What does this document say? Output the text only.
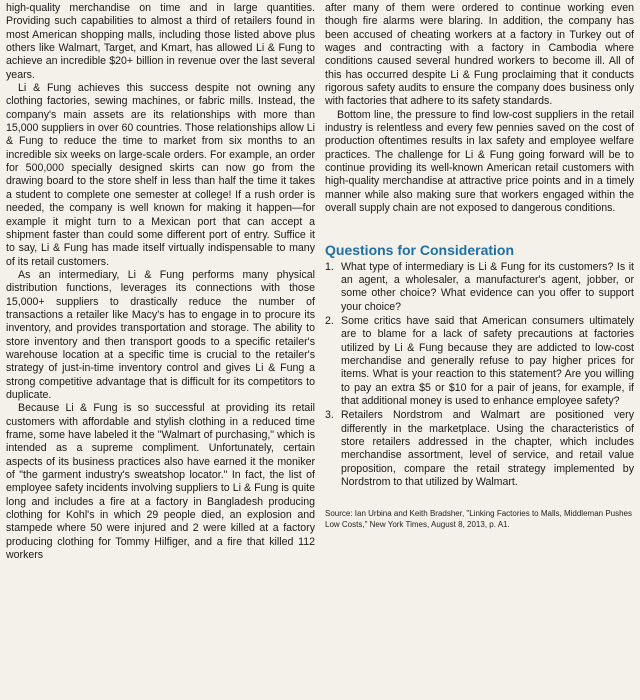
high-quality merchandise on time and in large quantities. Providing such capabilities to almost a third of retailers found in most American shopping malls, including those listed above plus others like Walmart, Target, and Kmart, has allowed Li & Fung to achieve an incredible $20+ billion in revenue over the last several years.

Li & Fung achieves this success despite not owning any clothing factories, sewing machines, or fabric mills. Instead, the company's main assets are its relationships with more than 15,000 suppliers in over 60 countries. Those relationships allow Li & Fung to reduce the time to market from six months to an incredible six weeks on large-scale orders. For example, an order for 500,000 specially designed skirts can now go from the drawing board to the store shelf in less than half the time it takes a student to complete one semester at college! If a rush order is needed, the company is well known for making it happen—for example it might turn to a Mexican port that can accept a shipment faster than could some different port of entry. Suffice it to say, Li & Fung has made itself virtually indispensable to many of its retail customers.

As an intermediary, Li & Fung performs many physical distribution functions, leverages its connections with those 15,000+ suppliers to drastically reduce the number of transactions a retailer like Macy's has to engage in to procure its inventory, and provides transportation and storage. The ability to store inventory and then transport goods to a specific retailer's warehouse location at a specific time is crucial to the retailer's strategy of just-in-time inventory control and gives Li & Fung a strong competitive advantage that is difficult for its competitors to duplicate.

Because Li & Fung is so successful at providing its retail customers with affordable and stylish clothing in a reduced time frame, some have labeled it the "Walmart of purchasing," which is intended as a supreme compliment. Unfortunately, certain aspects of its business practices also have earned it the moniker of "the garment industry's sweatshop locator." In fact, the list of employee safety incidents involving suppliers to Li & Fung is quite long and includes a fire at a factory in Bangladesh producing clothing for Kohl's in which 29 people died, an explosion and stampede where 50 were injured and 2 were killed at a factory producing clothing for Tommy Hilfiger, and a fire that killed 112 workers

after many of them were ordered to continue working even though fire alarms were blaring. In addition, the company has been accused of cheating workers at a factory in Turkey out of wages and contracting with a factory in Cambodia where conditions caused several hundred workers to become ill. All of this has occurred despite Li & Fung proclaiming that it conducts rigorous safety audits to ensure the company does business only with factories that adhere to its safety standards.

Bottom line, the pressure to find low-cost suppliers in the retail industry is relentless and every few pennies saved on the cost of production oftentimes results in lax safety and employee welfare practices. The challenge for Li & Fung going forward will be to continue providing its well-known American retail customers with high-quality merchandise at attractive price points and in a timely manner while also making sure that workers engaged within the overall supply chain are not exposed to dangerous conditions.

Questions for Consideration
1. What type of intermediary is Li & Fung for its customers? Is it an agent, a wholesaler, a manufacturer's agent, jobber, or some other choice? What evidence can you offer to support your choice?
2. Some critics have said that American consumers ultimately are to blame for a lack of safety precautions at factories utilized by Li & Fung because they are addicted to low-cost merchandise and generally refuse to pay higher prices for items. What is your reaction to this statement? Are you willing to pay an extra $5 or $10 for a pair of jeans, for example, if that additional money is used to enhance employee safety?
3. Retailers Nordstrom and Walmart are positioned very differently in the marketplace. Using the characteristics of store retailers addressed in the chapter, which includes merchandise assortment, level of service, and retail value proposition, compare the retail strategy implemented by Nordstrom to that utilized by Walmart.
Source: Ian Urbina and Keith Bradsher, "Linking Factories to Malls, Middleman Pushes Low Costs," New York Times, August 8, 2013, p. A1.
